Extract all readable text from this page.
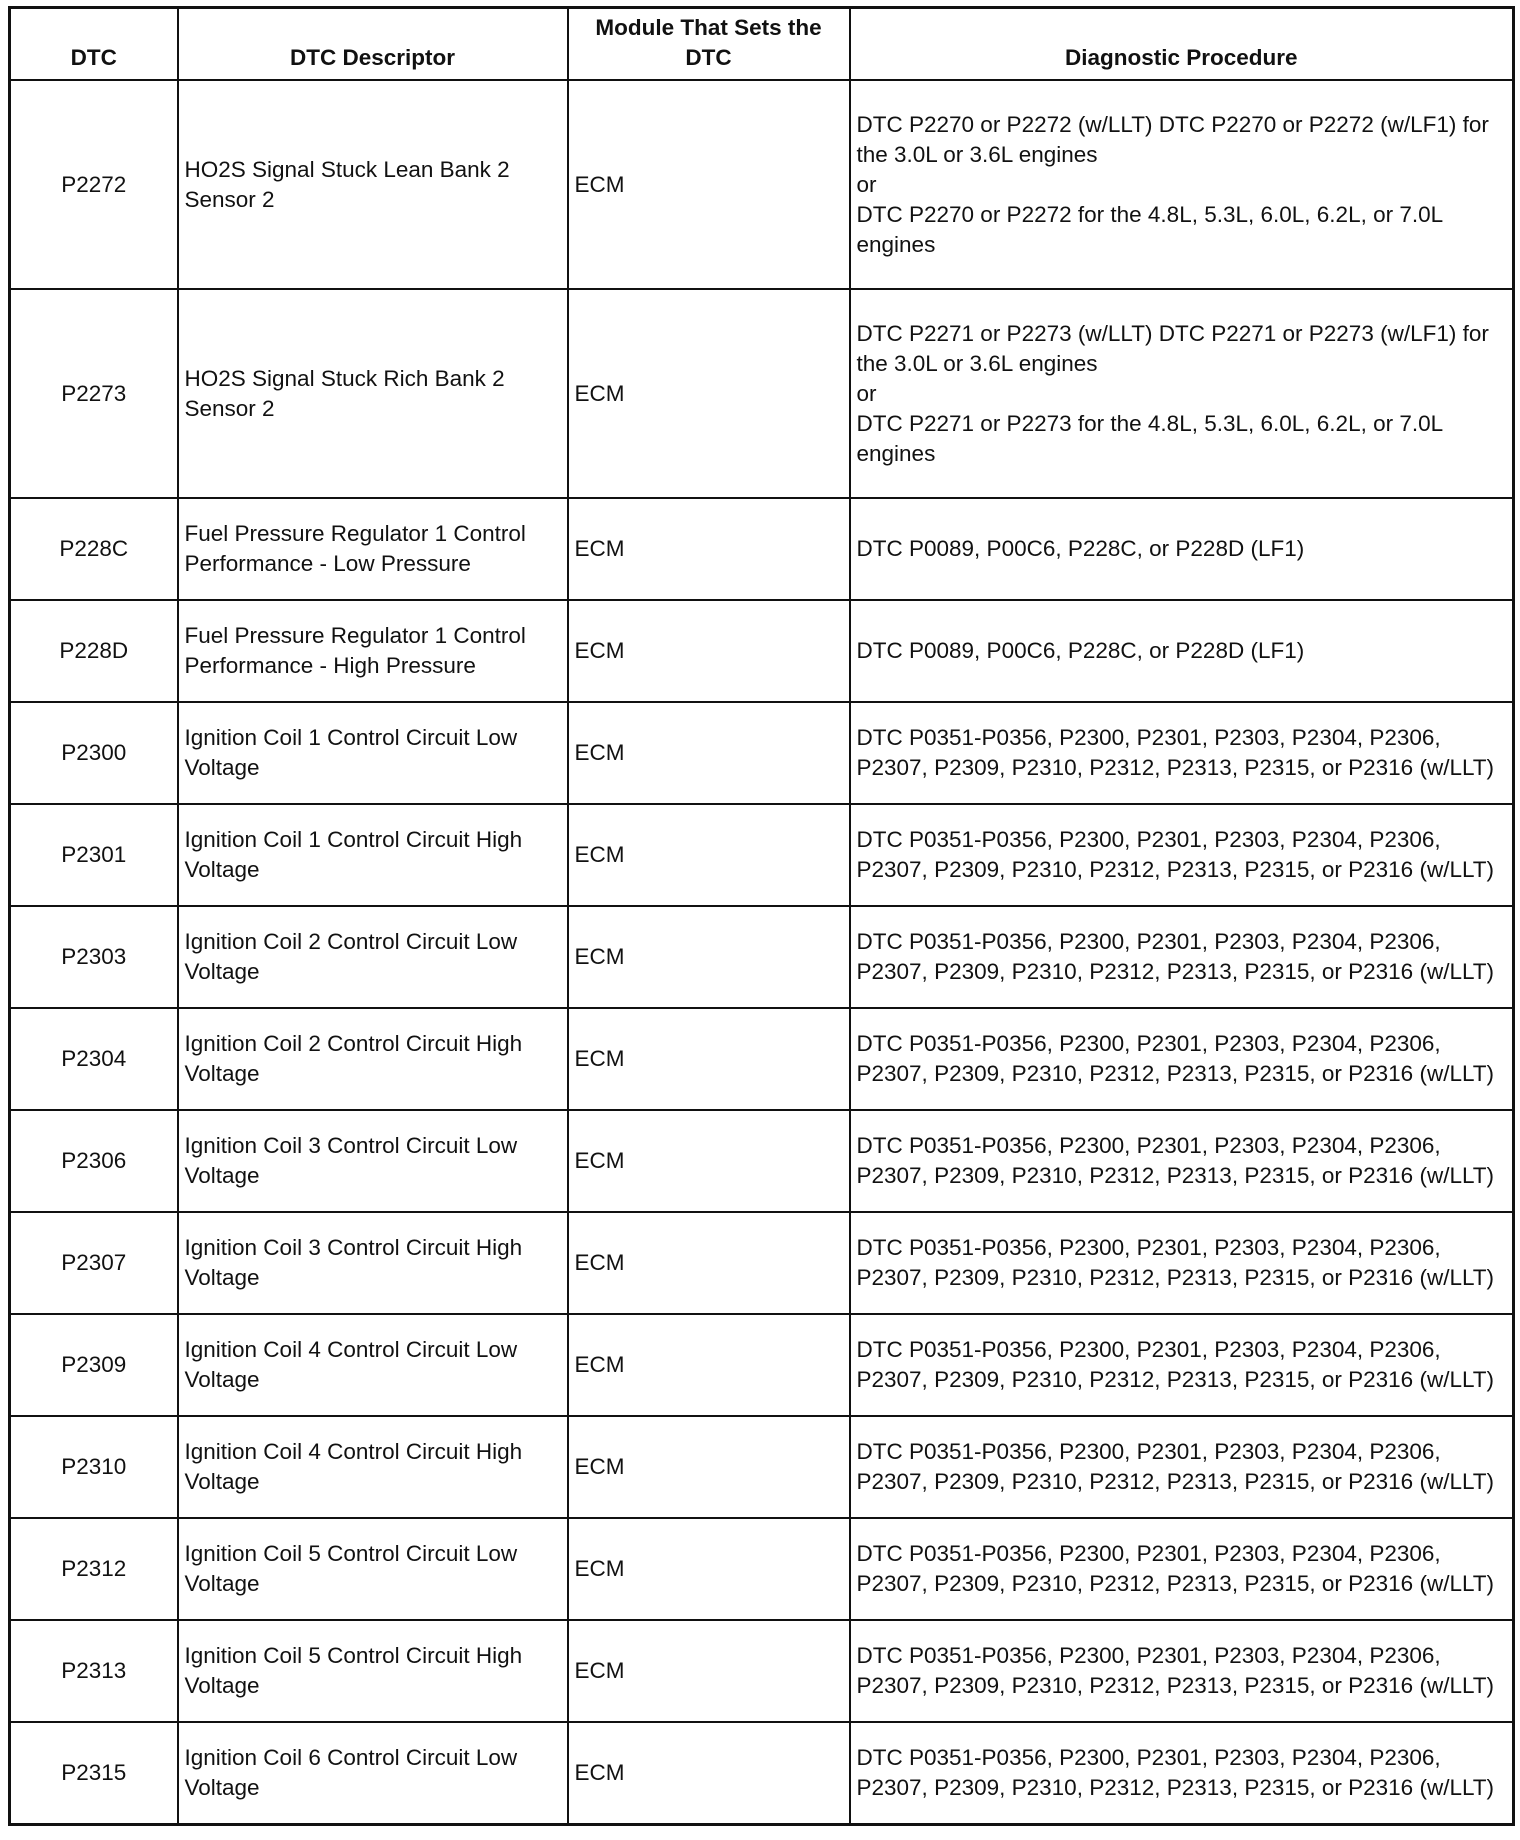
DTC	DTC Descriptor	Module That Sets the DTC	Diagnostic Procedure
P2272	HO2S Signal Stuck Lean Bank 2 Sensor 2	ECM	DTC P2270 or P2272 (w/LLT) DTC P2270 or P2272 (w/LF1) for the 3.0L or 3.6L engines

or

DTC P2270 or P2272 for the 4.8L, 5.3L, 6.0L, 6.2L, or 7.0L engines

P2273	HO2S Signal Stuck Rich Bank 2 Sensor 2	ECM	DTC P2271 or P2273 (w/LLT) DTC P2271 or P2273 (w/LF1) for the 3.0L or 3.6L engines

or

DTC P2271 or P2273 for the 4.8L, 5.3L, 6.0L, 6.2L, or 7.0L engines

P228C	Fuel Pressure Regulator 1 Control Performance - Low Pressure	ECM	DTC P0089, P00C6, P228C, or P228D (LF1)
P228D	Fuel Pressure Regulator 1 Control Performance - High Pressure	ECM	DTC P0089, P00C6, P228C, or P228D (LF1)
P2300	Ignition Coil 1 Control Circuit Low Voltage	ECM	DTC P0351-P0356, P2300, P2301, P2303, P2304, P2306, P2307, P2309, P2310, P2312, P2313, P2315, or P2316 (w/LLT)
P2301	Ignition Coil 1 Control Circuit High Voltage	ECM	DTC P0351-P0356, P2300, P2301, P2303, P2304, P2306, P2307, P2309, P2310, P2312, P2313, P2315, or P2316 (w/LLT)
P2303	Ignition Coil 2 Control Circuit Low Voltage	ECM	DTC P0351-P0356, P2300, P2301, P2303, P2304, P2306, P2307, P2309, P2310, P2312, P2313, P2315, or P2316 (w/LLT)
P2304	Ignition Coil 2 Control Circuit High Voltage	ECM	DTC P0351-P0356, P2300, P2301, P2303, P2304, P2306, P2307, P2309, P2310, P2312, P2313, P2315, or P2316 (w/LLT)
P2306	Ignition Coil 3 Control Circuit Low Voltage	ECM	DTC P0351-P0356, P2300, P2301, P2303, P2304, P2306, P2307, P2309, P2310, P2312, P2313, P2315, or P2316 (w/LLT)
P2307	Ignition Coil 3 Control Circuit High Voltage	ECM	DTC P0351-P0356, P2300, P2301, P2303, P2304, P2306, P2307, P2309, P2310, P2312, P2313, P2315, or P2316 (w/LLT)
P2309	Ignition Coil 4 Control Circuit Low Voltage	ECM	DTC P0351-P0356, P2300, P2301, P2303, P2304, P2306, P2307, P2309, P2310, P2312, P2313, P2315, or P2316 (w/LLT)
P2310	Ignition Coil 4 Control Circuit High Voltage	ECM	DTC P0351-P0356, P2300, P2301, P2303, P2304, P2306, P2307, P2309, P2310, P2312, P2313, P2315, or P2316 (w/LLT)
P2312	Ignition Coil 5 Control Circuit Low Voltage	ECM	DTC P0351-P0356, P2300, P2301, P2303, P2304, P2306, P2307, P2309, P2310, P2312, P2313, P2315, or P2316 (w/LLT)
P2313	Ignition Coil 5 Control Circuit High Voltage	ECM	DTC P0351-P0356, P2300, P2301, P2303, P2304, P2306, P2307, P2309, P2310, P2312, P2313, P2315, or P2316 (w/LLT)
P2315	Ignition Coil 6 Control Circuit Low Voltage	ECM	DTC P0351-P0356, P2300, P2301, P2303, P2304, P2306, P2307, P2309, P2310, P2312, P2313, P2315, or P2316 (w/LLT)
